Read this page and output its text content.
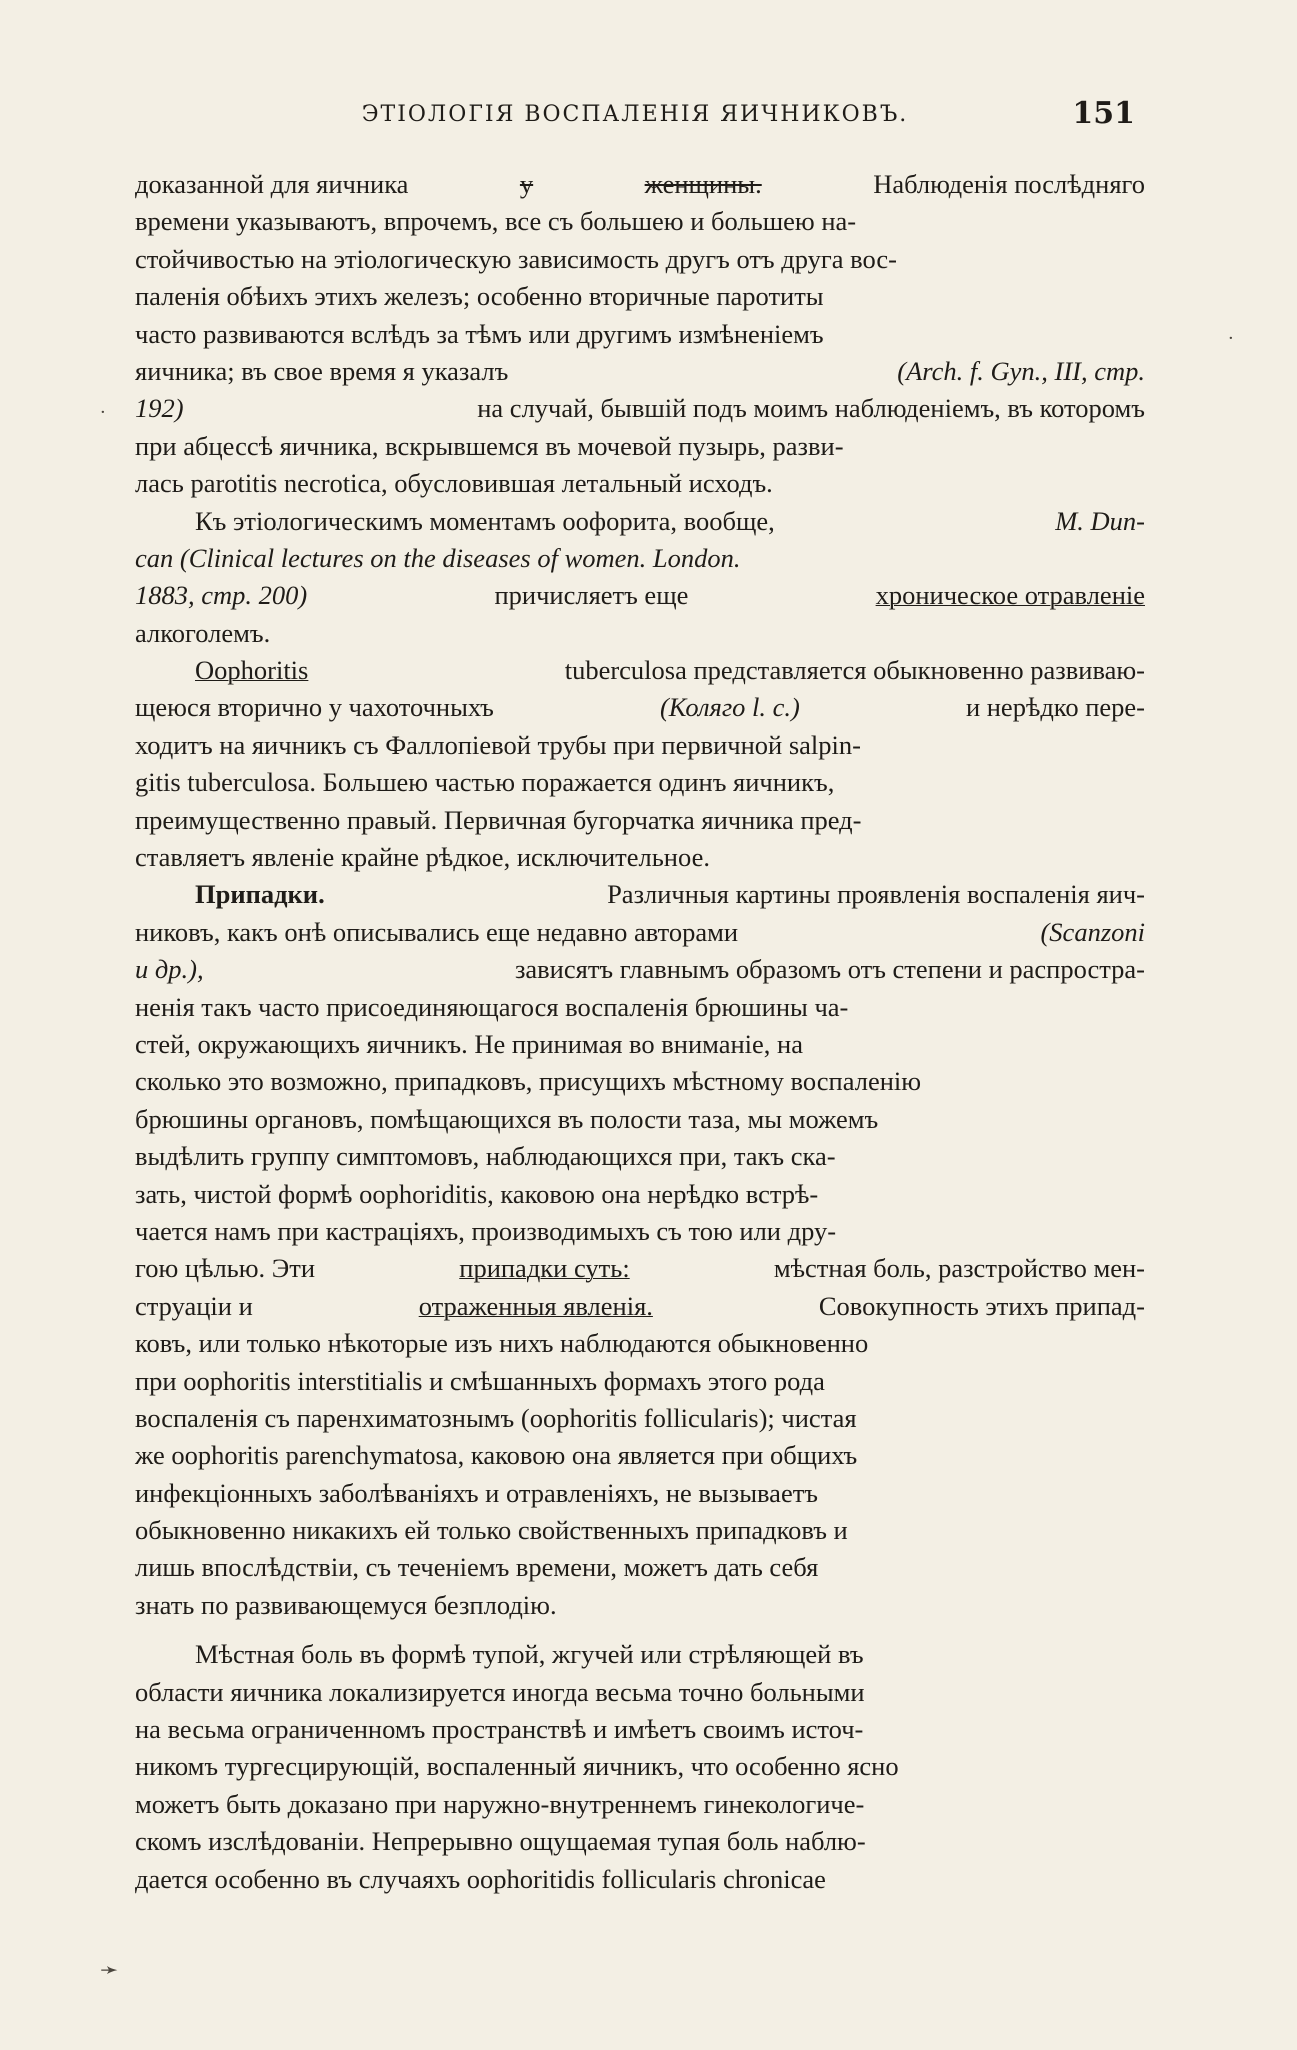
ЭТІОЛОГІЯ ВОСПАЛЕНІЯ ЯИЧНИКОВЪ.	151
·
·
доказанной для яичника	у	женщины.	Наблюденія послѣдняго
времени указываютъ, впрочемъ, все съ большею и большею на-
стойчивостью на этіологическую зависимость другъ отъ друга вос-
паленія обѣихъ этихъ железъ; особенно вторичные паротиты
часто развиваются вслѣдъ за тѣмъ или другимъ измѣненіемъ
яичника; въ свое время я указалъ	(Arch. f. Gyn., III, стр.
192)	на случай, бывшій подъ моимъ наблюденіемъ, въ которомъ
при абцессѣ яичника, вскрывшемся въ мочевой пузырь, разви-
лась parotitis necrotica, обусловившая летальный исходъ.
Къ этіологическимъ моментамъ оофорита, вообще,	M. Dun-
can (Clinical lectures on the diseases of women. London.
1883, стр. 200)	причисляетъ еще	хроническое отравленіе
алкоголемъ.
Oophoritis	tuberculosa представляется обыкновенно развиваю-
щеюся вторично у чахоточныхъ	(Коляго l. c.)	и нерѣдко пере-
ходитъ на яичникъ съ Фаллопіевой трубы при первичной salpin-
gitis tuberculosa. Большею частью поражается одинъ яичникъ,
преимущественно правый. Первичная бугорчатка яичника пред-
ставляетъ явленіе крайне рѣдкое, исключительное.
Припадки.	Различныя картины проявленія воспаленія яич-
никовъ, какъ онѣ описывались еще недавно авторами	(Scanzoni
и др.),	зависятъ главнымъ образомъ отъ степени и распростра-
ненія такъ часто присоединяющагося воспаленія брюшины ча-
стей, окружающихъ яичникъ. Не принимая во вниманіе, на
сколько это возможно, припадковъ, присущихъ мѣстному воспаленію
брюшины органовъ, помѣщающихся въ полости таза, мы можемъ
выдѣлить группу симптомовъ, наблюдающихся при, такъ ска-
зать, чистой формѣ oophoriditis, каковою она нерѣдко встрѣ-
чается намъ при кастраціяхъ, производимыхъ съ тою или дру-
гою цѣлью. Эти	припадки суть:	мѣстная боль, разстройство мен-
струаціи и	отраженныя явленія.	Совокупность этихъ припад-
ковъ, или только нѣкоторые изъ нихъ наблюдаются обыкновенно
при oophoritis interstitialis и смѣшанныхъ формахъ этого рода
воспаленія съ паренхиматознымъ (oophoritis follicularis); чистая
же oophoritis parenchymatosa, каковою она является при общихъ
инфекціонныхъ заболѣваніяхъ и отравленіяхъ, не вызываетъ
обыкновенно никакихъ ей только свойственныхъ припадковъ и
лишь впослѣдствіи, съ теченіемъ времени, можетъ дать себя
знать по развивающемуся безплодію.
Мѣстная боль въ формѣ тупой, жгучей или стрѣляющей въ
области яичника локализируется иногда весьма точно больными
на весьма ограниченномъ пространствѣ и имѣетъ своимъ источ-
никомъ тургесцирующій, воспаленный яичникъ, что особенно ясно
можетъ быть доказано при наружно-внутреннемъ гинекологиче-
скомъ изслѣдованіи. Непрерывно ощущаемая тупая боль наблю-
дается особенно въ случаяхъ oophoritidis follicularis chronicae
➛
